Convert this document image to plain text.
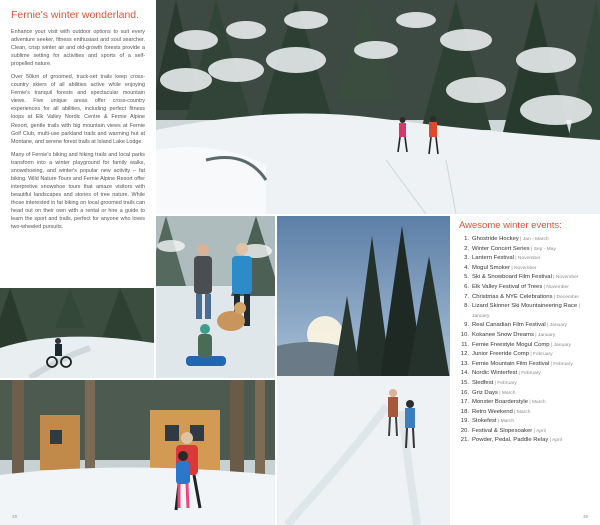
Fernie's winter wonderland.

Enhance your visit with outdoor options to suit every adventure seeker, fitness enthusiast and soul searcher. Clean, crisp winter air and old-growth forests provide a sublime setting for activities and sports of a self-propelled nature.

Over 50km of groomed, track-set trails keep cross-country skiers of all abilities active while enjoying Fernie's tranquil forests and spectacular mountain views. Five unique areas offer cross-country experiences for all abilities, including perfect fitness loops at Elk Valley Nordic Centre & Fernie Alpine Resort, gentle trails with big mountain views at Fernie Golf Club, multi-use parkland trails and warming hut at Montane, and serene forest trails at Island Lake Lodge.

Many of Fernie's biking and hiking trails and local parks transform into a winter playground for family walks, snowshoeing, and winter's popular new activity – fat biking. Wild Nature Tours and Fernie Alpine Resort offer interpretive snowshoe tours that amaze visitors with beautiful landscapes and stories of tree nature. While those interested in fat biking on local groomed trails can head out on their own with a rental or hire a guide to learn the sport and trails, perfect for anyone who loves two-wheeled pursuits.	Awesome winter events:
1. Ghostride Hockey | Jan - March
2. Winter Concert Series | Sep - May
3. Lantern Festival | November
4. Mogul Smoker | November
5. Ski & Snowboard Film Festival | November
6. Elk Valley Festival of Trees | November
7. Christmas & NYE Celebrations | December
8. Lizard Skinner Ski Mountaineering Race | January
9. Real Canadian Film Festival | January
10. Kokanee Snow Dreams | January
11. Fernie Freestyle Mogul Comp | January
12. Junior Freeride Comp | February
13. Fernie Mountain Film Festival | February
14. Nordic Winterfest | February
15. Sledfest | February
16. Griz Days | March
17. Monster Boarderstyle | March
18. Retro Weekend | March
19. Stokefest | March
20. Festival & Slopesoaker | April
21. Powder, Pedal, Paddle Relay | April
38	39
